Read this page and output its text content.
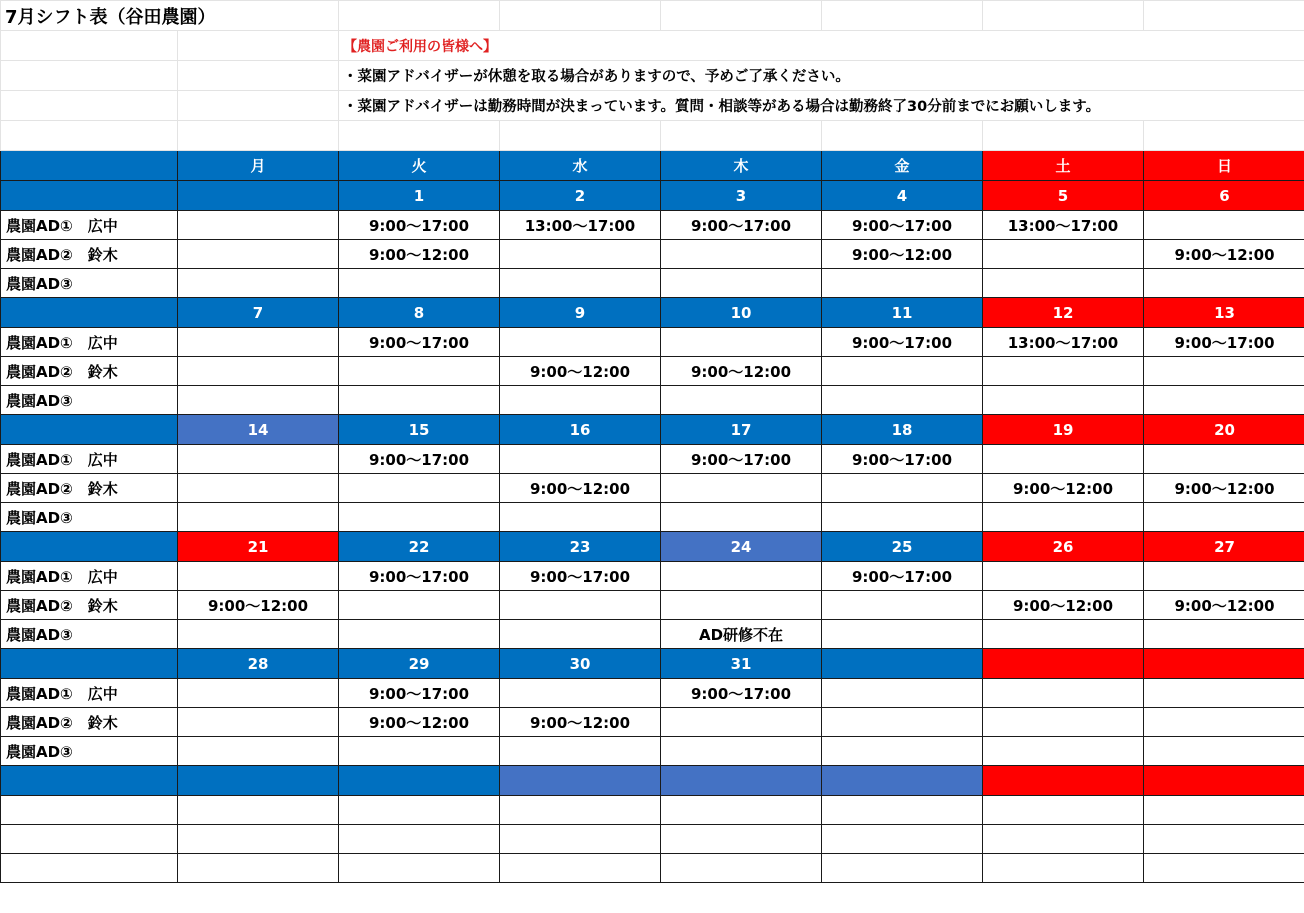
7月シフト表（谷田農園）							
		【農園ご利用の皆様へ】					
		・菜園アドバイザーが休憩を取る場合がありますので、予めご了承ください。					
		・菜園アドバイザーは勤務時間が決まっています。質問・相談等がある場合は勤務終了30分前までにお願いします。					

	月	火	水	木	金	土	日
		1	2	3	4	5	6
農園AD①　広中		9:00〜17:00	13:00〜17:00	9:00〜17:00	9:00〜17:00	13:00〜17:00	
農園AD②　鈴木		9:00〜12:00			9:00〜12:00		9:00〜12:00
農園AD③							
	7	8	9	10	11	12	13
農園AD①　広中		9:00〜17:00			9:00〜17:00	13:00〜17:00	9:00〜17:00
農園AD②　鈴木			9:00〜12:00	9:00〜12:00			
農園AD③							
	14	15	16	17	18	19	20
農園AD①　広中		9:00〜17:00		9:00〜17:00	9:00〜17:00		
農園AD②　鈴木			9:00〜12:00			9:00〜12:00	9:00〜12:00
農園AD③							
	21	22	23	24	25	26	27
農園AD①　広中		9:00〜17:00	9:00〜17:00		9:00〜17:00		
農園AD②　鈴木	9:00〜12:00					9:00〜12:00	9:00〜12:00
農園AD③				AD研修不在			
	28	29	30	31			
農園AD①　広中		9:00〜17:00		9:00〜17:00			
農園AD②　鈴木		9:00〜12:00	9:00〜12:00				
農園AD③							
